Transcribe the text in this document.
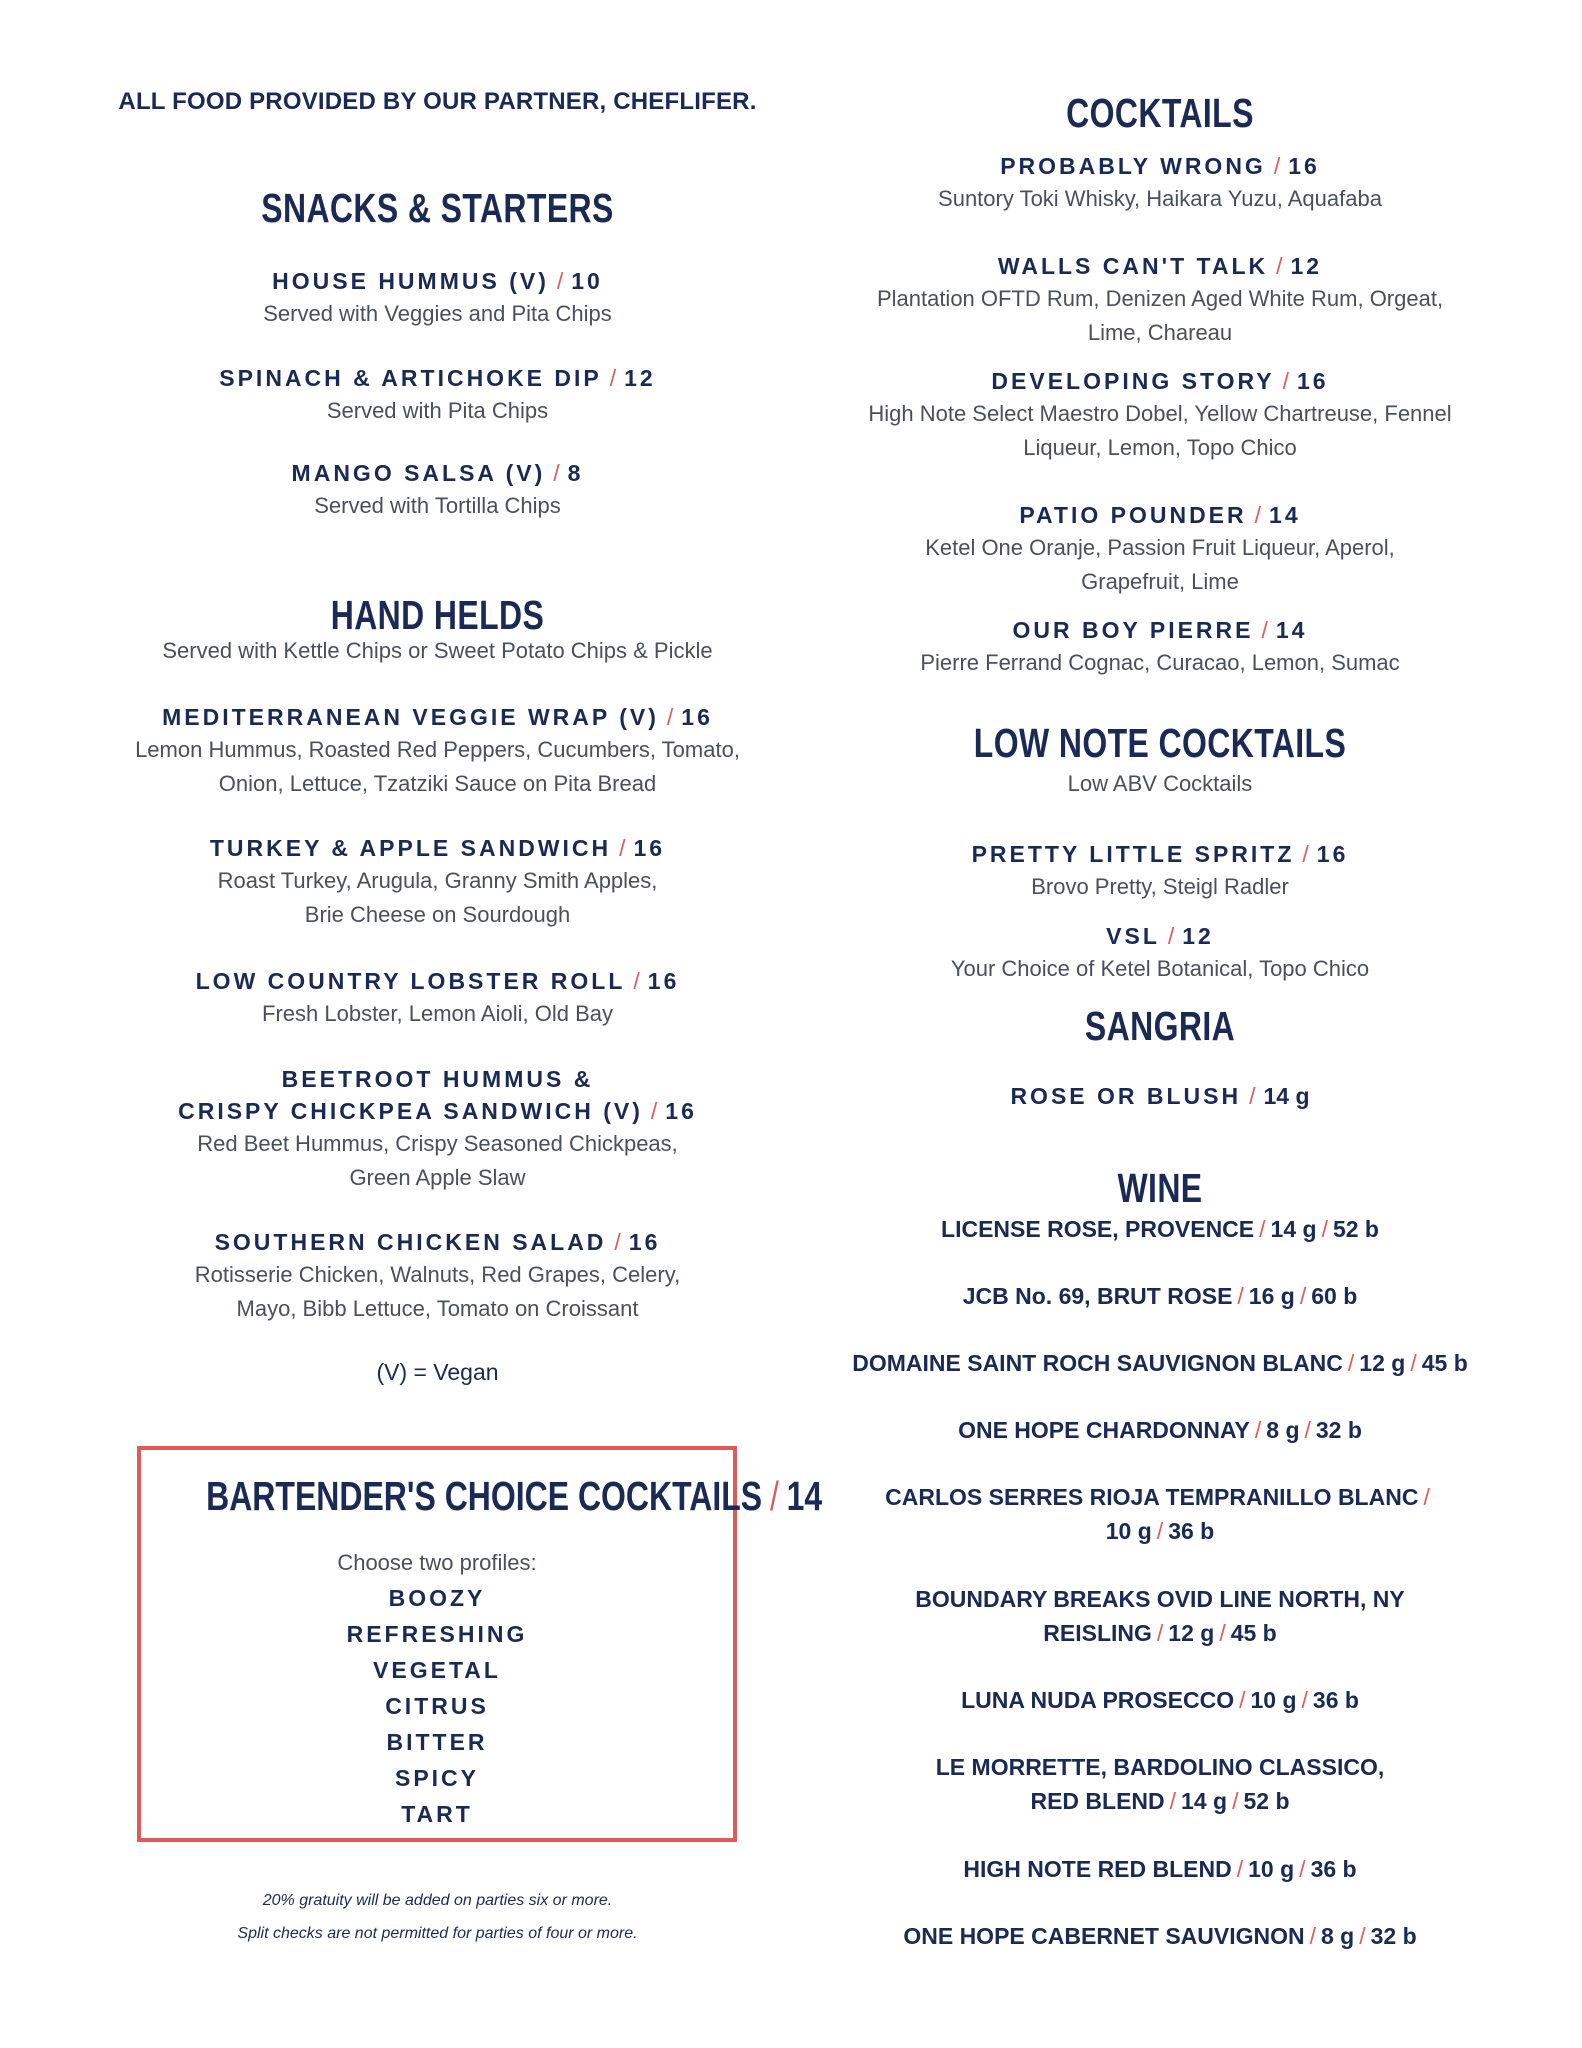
ALL FOOD PROVIDED BY OUR PARTNER, CHEFLIFER.
SNACKS & STARTERS
HOUSE HUMMUS (V) / 10
Served with Veggies and Pita Chips
SPINACH & ARTICHOKE DIP / 12
Served with Pita Chips
MANGO SALSA (V) / 8
Served with Tortilla Chips
HAND HELDS
Served with Kettle Chips or Sweet Potato Chips & Pickle
MEDITERRANEAN VEGGIE WRAP (V) / 16
Lemon Hummus, Roasted Red Peppers, Cucumbers, Tomato,
Onion, Lettuce, Tzatziki Sauce on Pita Bread
TURKEY & APPLE SANDWICH / 16
Roast Turkey, Arugula, Granny Smith Apples,
Brie Cheese on Sourdough
LOW COUNTRY LOBSTER ROLL / 16
Fresh Lobster, Lemon Aioli, Old Bay
BEETROOT HUMMUS &
CRISPY CHICKPEA SANDWICH (V) / 16
Red Beet Hummus, Crispy Seasoned Chickpeas,
Green Apple Slaw
SOUTHERN CHICKEN SALAD / 16
Rotisserie Chicken, Walnuts, Red Grapes, Celery,
Mayo, Bibb Lettuce, Tomato on Croissant
(V) = Vegan
20% gratuity will be added on parties six or more.
Split checks are not permitted for parties of four or more.
BARTENDER'S CHOICE COCKTAILS / 14
Choose two profiles:
BOOZY
REFRESHING
VEGETAL
CITRUS
BITTER
SPICY
TART
COCKTAILS
PROBABLY WRONG / 16
Suntory Toki Whisky, Haikara Yuzu, Aquafaba
WALLS CAN'T TALK / 12
Plantation OFTD Rum, Denizen Aged White Rum, Orgeat,
Lime, Chareau
DEVELOPING STORY / 16
High Note Select Maestro Dobel, Yellow Chartreuse, Fennel
Liqueur, Lemon, Topo Chico
PATIO POUNDER / 14
Ketel One Oranje, Passion Fruit Liqueur, Aperol,
Grapefruit, Lime
OUR BOY PIERRE / 14
Pierre Ferrand Cognac, Curacao, Lemon, Sumac
LOW NOTE COCKTAILS
Low ABV Cocktails
PRETTY LITTLE SPRITZ / 16
Brovo Pretty, Steigl Radler
VSL / 12
Your Choice of Ketel Botanical, Topo Chico
SANGRIA
ROSE OR BLUSH / 14 g
WINE
LICENSE ROSE, PROVENCE / 14 g / 52 b
JCB No. 69, BRUT ROSE / 16 g / 60 b
DOMAINE SAINT ROCH SAUVIGNON BLANC / 12 g / 45 b
ONE HOPE CHARDONNAY / 8 g / 32 b
CARLOS SERRES RIOJA TEMPRANILLO BLANC /
10 g / 36 b
BOUNDARY BREAKS OVID LINE NORTH, NY
REISLING / 12 g / 45 b
LUNA NUDA PROSECCO / 10 g / 36 b
LE MORRETTE, BARDOLINO CLASSICO,
RED BLEND / 14 g / 52 b
HIGH NOTE RED BLEND / 10 g / 36 b
ONE HOPE CABERNET SAUVIGNON / 8 g / 32 b
